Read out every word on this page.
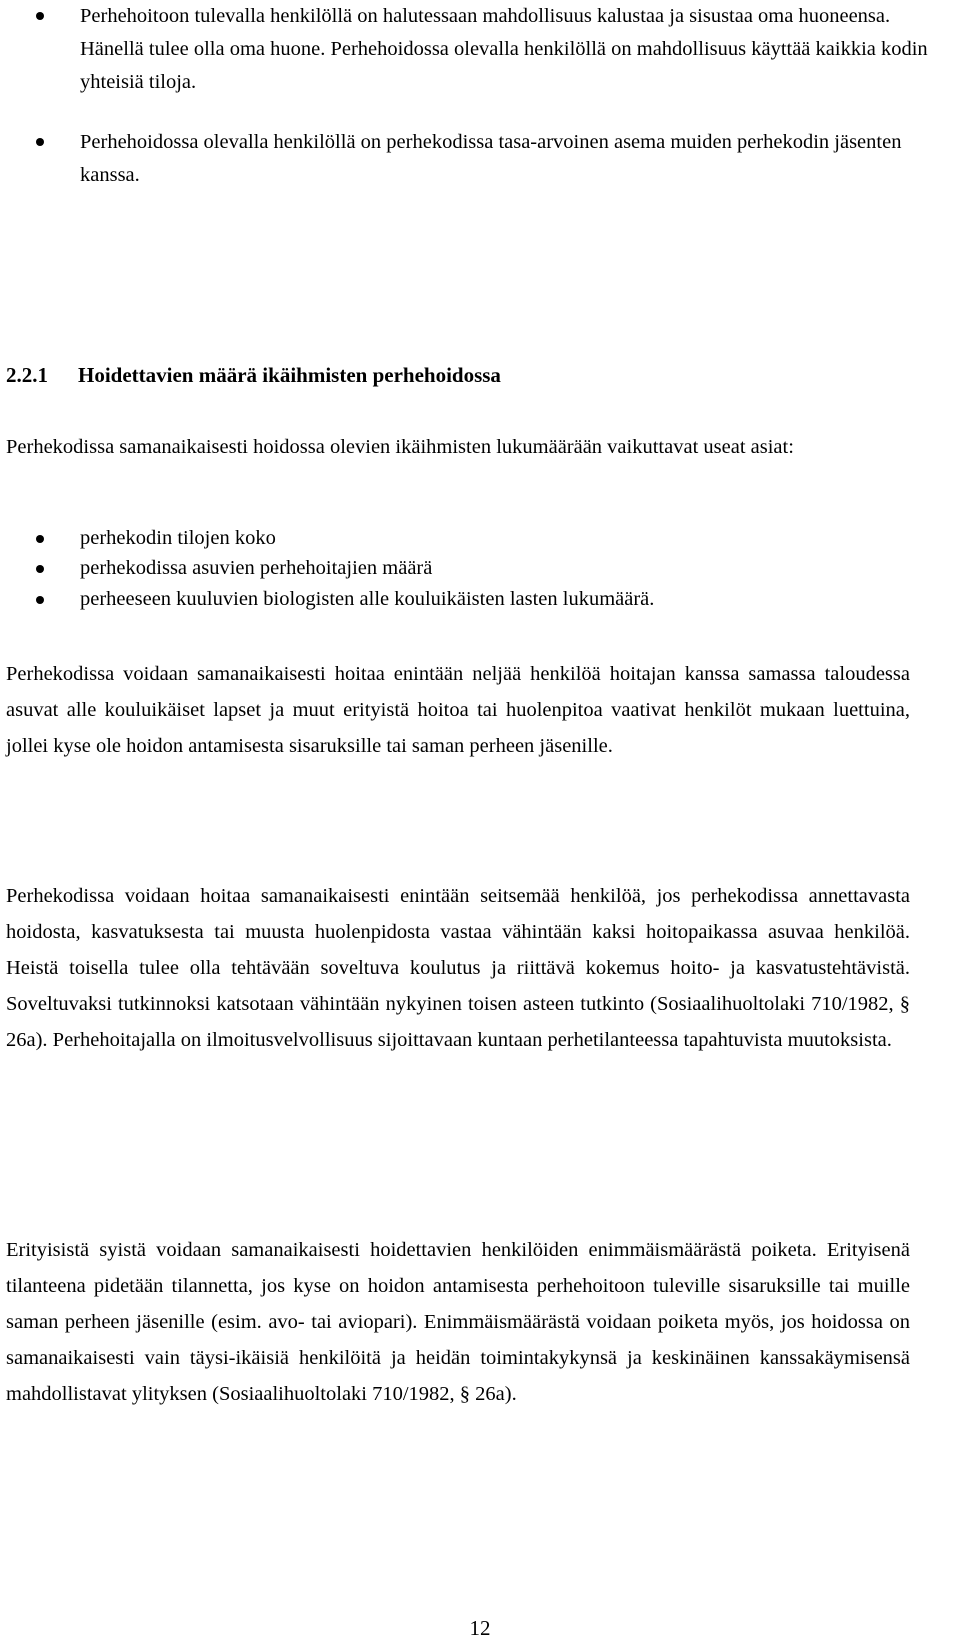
Perhehoitoon tulevalla henkilöllä on halutessaan mahdollisuus kalustaa ja sisustaa oma huoneensa. Hänellä tulee olla oma huone. Perhehoidossa olevalla henkilöllä on mahdollisuus käyttää kaikkia kodin yhteisiä tiloja.
Perhehoidossa olevalla henkilöllä on perhekodissa tasa-arvoinen asema muiden perhekodin jäsenten kanssa.
2.2.1 Hoidettavien määrä ikäihmisten perhehoidossa
Perhekodissa samanaikaisesti hoidossa olevien ikäihmisten lukumäärään vaikuttavat useat asiat:
perhekodin tilojen koko
perhekodissa asuvien perhehoitajien määrä
perheeseen kuuluvien biologisten alle kouluikäisten lasten lukumäärä.
Perhekodissa voidaan samanaikaisesti hoitaa enintään neljää henkilöä hoitajan kanssa samassa taloudessa asuvat alle kouluikäiset lapset ja muut erityistä hoitoa tai huolenpitoa vaativat henkilöt mukaan luettuina, jollei kyse ole hoidon antamisesta sisaruksille tai saman perheen jäsenille.
Perhekodissa voidaan hoitaa samanaikaisesti enintään seitsemää henkilöä, jos perhekodissa annettavasta hoidosta, kasvatuksesta tai muusta huolenpidosta vastaa vähintään kaksi hoitopaikassa asuvaa henkilöä. Heistä toisella tulee olla tehtävään soveltuva koulutus ja riittävä kokemus hoito- ja kasvatustehtävistä. Soveltuvaksi tutkinnoksi katsotaan vähintään nykyinen toisen asteen tutkinto (Sosiaalihuoltolaki 710/1982, § 26a). Perhehoitajalla on ilmoitusvelvollisuus sijoittavaan kuntaan perhetilanteessa tapahtuvista muutoksista.
Erityisistä syistä voidaan samanaikaisesti hoidettavien henkilöiden enimmäismäärästä poiketa. Erityisenä tilanteena pidetään tilannetta, jos kyse on hoidon antamisesta perhehoitoon tuleville sisaruksille tai muille saman perheen jäsenille (esim. avo- tai aviopari). Enimmäismäärästä voidaan poiketa myös, jos hoidossa on samanaikaisesti vain täysi-ikäisiä henkilöitä ja heidän toimintakykynsä ja keskinäinen kanssakäymisensä mahdollistavat ylityksen (Sosiaalihuoltolaki 710/1982, § 26a).
12
